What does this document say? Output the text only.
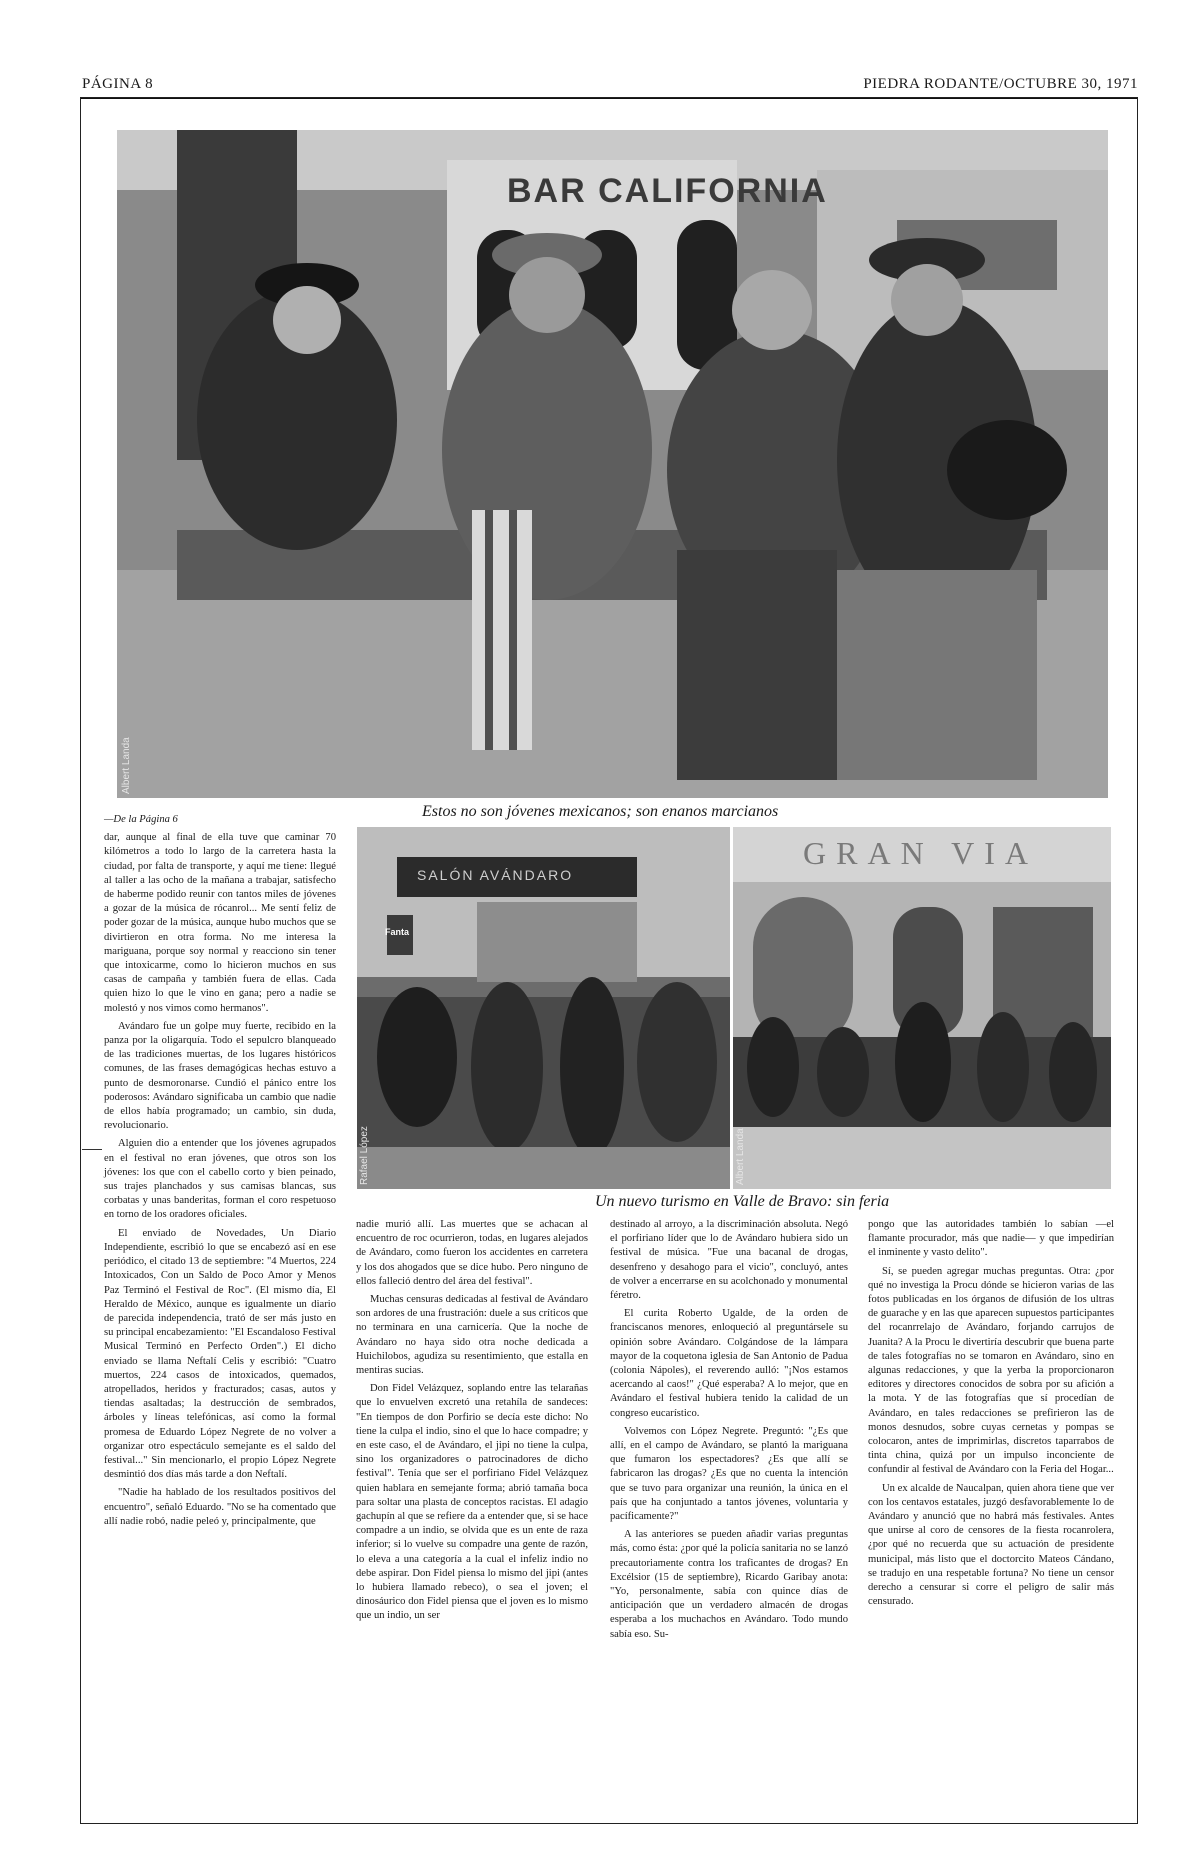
PÁGINA 8	PIEDRA RODANTE/OCTUBRE 30, 1971
BAR CALIFORNIA
Albert Landa
Estos no son jóvenes mexicanos; son enanos marcianos
SALÓN AVÁNDARO
Fanta
Rafael López
GRAN VIA
Albert Landa
Un nuevo turismo en Valle de Bravo: sin feria

—De la Página 6

dar, aunque al final de ella tuve que caminar 70 kilómetros a todo lo largo de la carretera hasta la ciudad, por falta de transporte, y aquí me tiene: llegué al taller a las ocho de la mañana a trabajar, satisfecho de haberme podido reunir con tantos miles de jóvenes a gozar de la música de rócanrol... Me sentí feliz de poder gozar de la música, aunque hubo muchos que se divirtieron en otra forma. No me interesa la mariguana, porque soy normal y reacciono sin tener que intoxicarme, como lo hicieron muchos en sus casas de campaña y también fuera de ellas. Cada quien hizo lo que le vino en gana; pero a nadie se molestó y nos vimos como hermanos".

Avándaro fue un golpe muy fuerte, recibido en la panza por la oligarquía. Todo el sepulcro blanqueado de las tradiciones muertas, de los lugares históricos comunes, de las frases demagógicas hechas estuvo a punto de desmoronarse. Cundió el pánico entre los poderosos: Avándaro significaba un cambio que nadie de ellos había programado; un cambio, sin duda, revolucionario.

Alguien dio a entender que los jóvenes agrupados en el festival no eran jóvenes, que otros son los jóvenes: los que con el cabello corto y bien peinado, sus trajes planchados y sus camisas blancas, sus corbatas y unas banderitas, forman el coro respetuoso en torno de los oradores oficiales.

El enviado de Novedades, Un Diario Independiente, escribió lo que se encabezó así en ese periódico, el citado 13 de septiembre: "4 Muertos, 224 Intoxicados, Con un Saldo de Poco Amor y Menos Paz Terminó el Festival de Roc". (El mismo día, El Heraldo de México, aunque es igualmente un diario de parecida independencia, trató de ser más justo en su principal encabezamiento: "El Escandaloso Festival Musical Terminó en Perfecto Orden".) El dicho enviado se llama Neftalí Celis y escribió: "Cuatro muertos, 224 casos de intoxicados, quemados, atropellados, heridos y fracturados; casas, autos y tiendas asaltadas; la destrucción de sembrados, árboles y líneas telefónicas, así como la formal promesa de Eduardo López Negrete de no volver a organizar otro espectáculo semejante es el saldo del festival..." Sin mencionarlo, el propio López Negrete desmintió dos días más tarde a don Neftalí.

"Nadie ha hablado de los resultados positivos del encuentro", señaló Eduardo. "No se ha comentado que allí nadie robó, nadie peleó y, principalmente, que

nadie murió allí. Las muertes que se achacan al encuentro de roc ocurrieron, todas, en lugares alejados de Avándaro, como fueron los accidentes en carretera y los dos ahogados que se dice hubo. Pero ninguno de ellos falleció dentro del área del festival".

Muchas censuras dedicadas al festival de Avándaro son ardores de una frustración: duele a sus críticos que no terminara en una carnicería. Que la noche de Avándaro no haya sido otra noche dedicada a Huichilobos, agudiza su resentimiento, que estalla en mentiras sucias.

Don Fidel Velázquez, soplando entre las telarañas que lo envuelven excretó una retahíla de sandeces: "En tiempos de don Porfirio se decía este dicho: No tiene la culpa el indio, sino el que lo hace compadre; y en este caso, el de Avándaro, el jipi no tiene la culpa, sino los organizadores o patrocinadores de dicho festival". Tenía que ser el porfiriano Fidel Velázquez quien hablara en semejante forma; abrió tamaña boca para soltar una plasta de conceptos racistas. El adagio gachupín al que se refiere da a entender que, si se hace compadre a un indio, se olvida que es un ente de raza inferior; si lo vuelve su compadre una gente de razón, lo eleva a una categoría a la cual el infeliz indio no debe aspirar. Don Fidel piensa lo mismo del jipi (antes lo hubiera llamado rebeco), o sea el joven; el dinosáurico don Fidel piensa que el joven es lo mismo que un indio, un ser

destinado al arroyo, a la discriminación absoluta. Negó el porfiriano líder que lo de Avándaro hubiera sido un festival de música. "Fue una bacanal de drogas, desenfreno y desahogo para el vicio", concluyó, antes de volver a encerrarse en su acolchonado y monumental féretro.

El curita Roberto Ugalde, de la orden de franciscanos menores, enloqueció al preguntársele su opinión sobre Avándaro. Colgándose de la lámpara mayor de la coquetona iglesia de San Antonio de Padua (colonia Nápoles), el reverendo aulló: "¡Nos estamos acercando al caos!" ¿Qué esperaba? A lo mejor, que en Avándaro el festival hubiera tenido la calidad de un congreso eucarístico.

Volvemos con López Negrete. Preguntó: "¿Es que allí, en el campo de Avándaro, se plantó la mariguana que fumaron los espectadores? ¿Es que allí se fabricaron las drogas? ¿Es que no cuenta la intención que se tuvo para organizar una reunión, la única en el país que ha conjuntado a tantos jóvenes, voluntaria y pacíficamente?"

A las anteriores se pueden añadir varias preguntas más, como ésta: ¿por qué la policía sanitaria no se lanzó precautoriamente contra los traficantes de drogas? En Excélsior (15 de septiembre), Ricardo Garibay anota: "Yo, personalmente, sabía con quince días de anticipación que un verdadero almacén de drogas esperaba a los muchachos en Avándaro. Todo mundo sabía eso. Su-

pongo que las autoridades también lo sabían —el flamante procurador, más que nadie— y que impedirían el inminente y vasto delito".

Sí, se pueden agregar muchas preguntas. Otra: ¿por qué no investiga la Procu dónde se hicieron varias de las fotos publicadas en los órganos de difusión de los ultras de guarache y en las que aparecen supuestos participantes del rocanrrelajo de Avándaro, forjando carrujos de Juanita? A la Procu le divertiría descubrir que buena parte de tales fotografías no se tomaron en Avándaro, sino en algunas redacciones, y que la yerba la proporcionaron editores y directores conocidos de sobra por su afición a la mota. Y de las fotografías que sí procedían de Avándaro, en tales redacciones se prefirieron las de monos desnudos, sobre cuyas cernetas y pompas se colocaron, antes de imprimirlas, discretos taparrabos de tinta china, quizá por un impulso inconciente de confundir al festival de Avándaro con la Feria del Hogar...

Un ex alcalde de Naucalpan, quien ahora tiene que ver con los centavos estatales, juzgó desfavorablemente lo de Avándaro y anunció que no habrá más festivales. Antes que unirse al coro de censores de la fiesta rocanrolera, ¿por qué no recuerda que su actuación de presidente municipal, más listo que el doctorcito Mateos Cándano, se tradujo en una respetable fortuna? No tiene un censor derecho a censurar si corre el peligro de salir más censurado.
